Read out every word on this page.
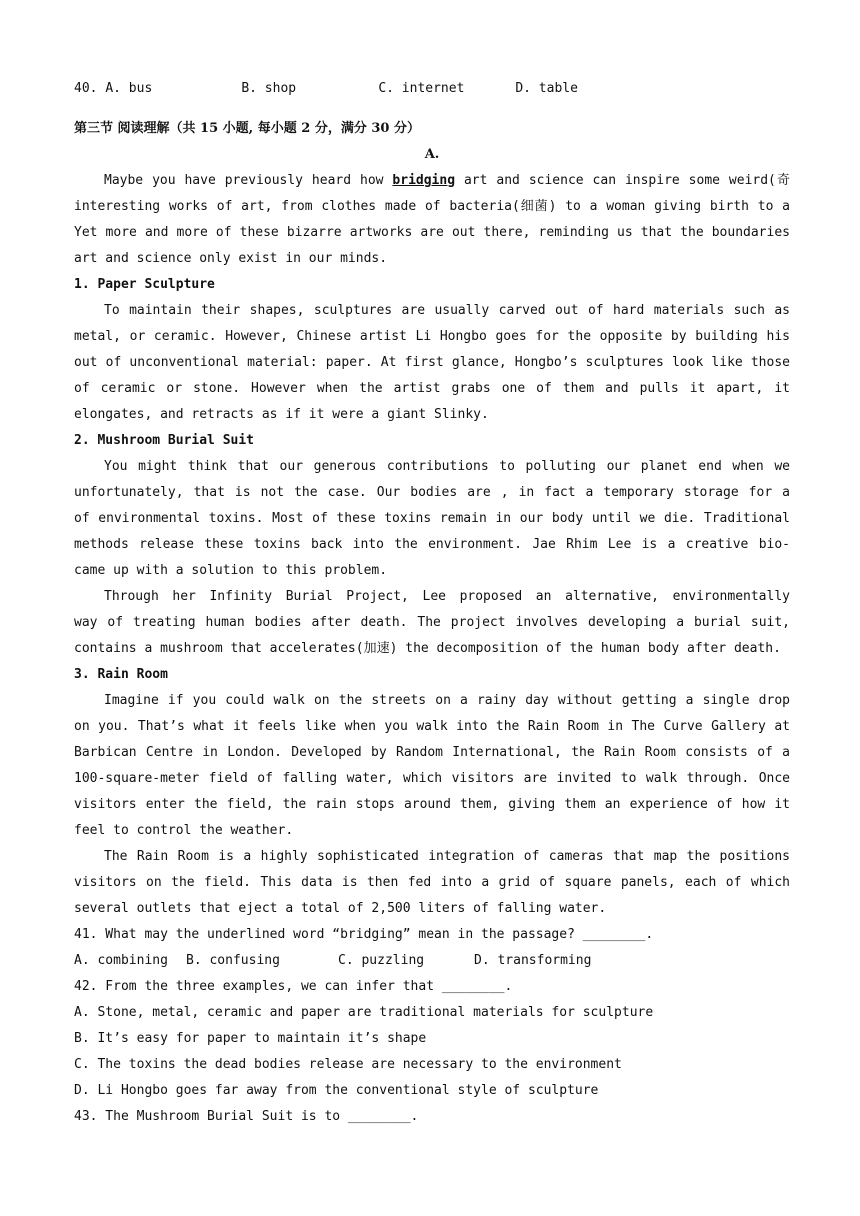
40. A. bus	B. shop	C. internet	D. table
第三节 阅读理解（共 15 小题, 每小题 2 分，满分 30 分）
A.
Maybe you have previously heard how bridging art and science can inspire some weird(奇
interesting works of art, from clothes made of bacteria(细菌) to a woman giving birth to a
Yet more and more of these bizarre artworks are out there, reminding us that the boundaries
art and science only exist in our minds.
1. Paper Sculpture
To maintain their shapes, sculptures are usually carved out of hard materials such as
metal, or ceramic. However, Chinese artist Li Hongbo goes for the opposite by building his
out of unconventional material: paper. At first glance, Hongbo’s sculptures look like those
of ceramic or stone. However when the artist grabs one of them and pulls it apart, it
elongates, and retracts as if it were a giant Slinky.
2. Mushroom Burial Suit
You might think that our generous contributions to polluting our planet end when we
unfortunately, that is not the case. Our bodies are , in fact a temporary storage for a
of environmental toxins. Most of these toxins remain in our body until we die. Traditional
methods release these toxins back into the environment. Jae Rhim Lee is a creative bio-
came up with a solution to this problem.
Through her Infinity Burial Project, Lee proposed an alternative, environmentally
way of treating human bodies after death. The project involves developing a burial suit,
contains a mushroom that accelerates(加速) the decomposition of the human body after death.
3. Rain Room
Imagine if you could walk on the streets on a rainy day without getting a single drop
on you. That’s what it feels like when you walk into the Rain Room in The Curve Gallery at
Barbican Centre in London. Developed by Random International, the Rain Room consists of a
100-square-meter field of falling water, which visitors are invited to walk through. Once
visitors enter the field, the rain stops around them, giving them an experience of how it
feel to control the weather.
The Rain Room is a highly sophisticated integration of cameras that map the positions
visitors on the field. This data is then fed into a grid of square panels, each of which
several outlets that eject a total of 2,500 liters of falling water.
41. What may the underlined word “bridging” mean in the passage? ________.
A. combining B. confusing	C. puzzling	D. transforming
42. From the three examples, we can infer that ________.
A. Stone, metal, ceramic and paper are traditional materials for sculpture
B. It’s easy for paper to maintain it’s shape
C. The toxins the dead bodies release are necessary to the environment
D. Li Hongbo goes far away from the conventional style of sculpture
43. The Mushroom Burial Suit is to ________.
